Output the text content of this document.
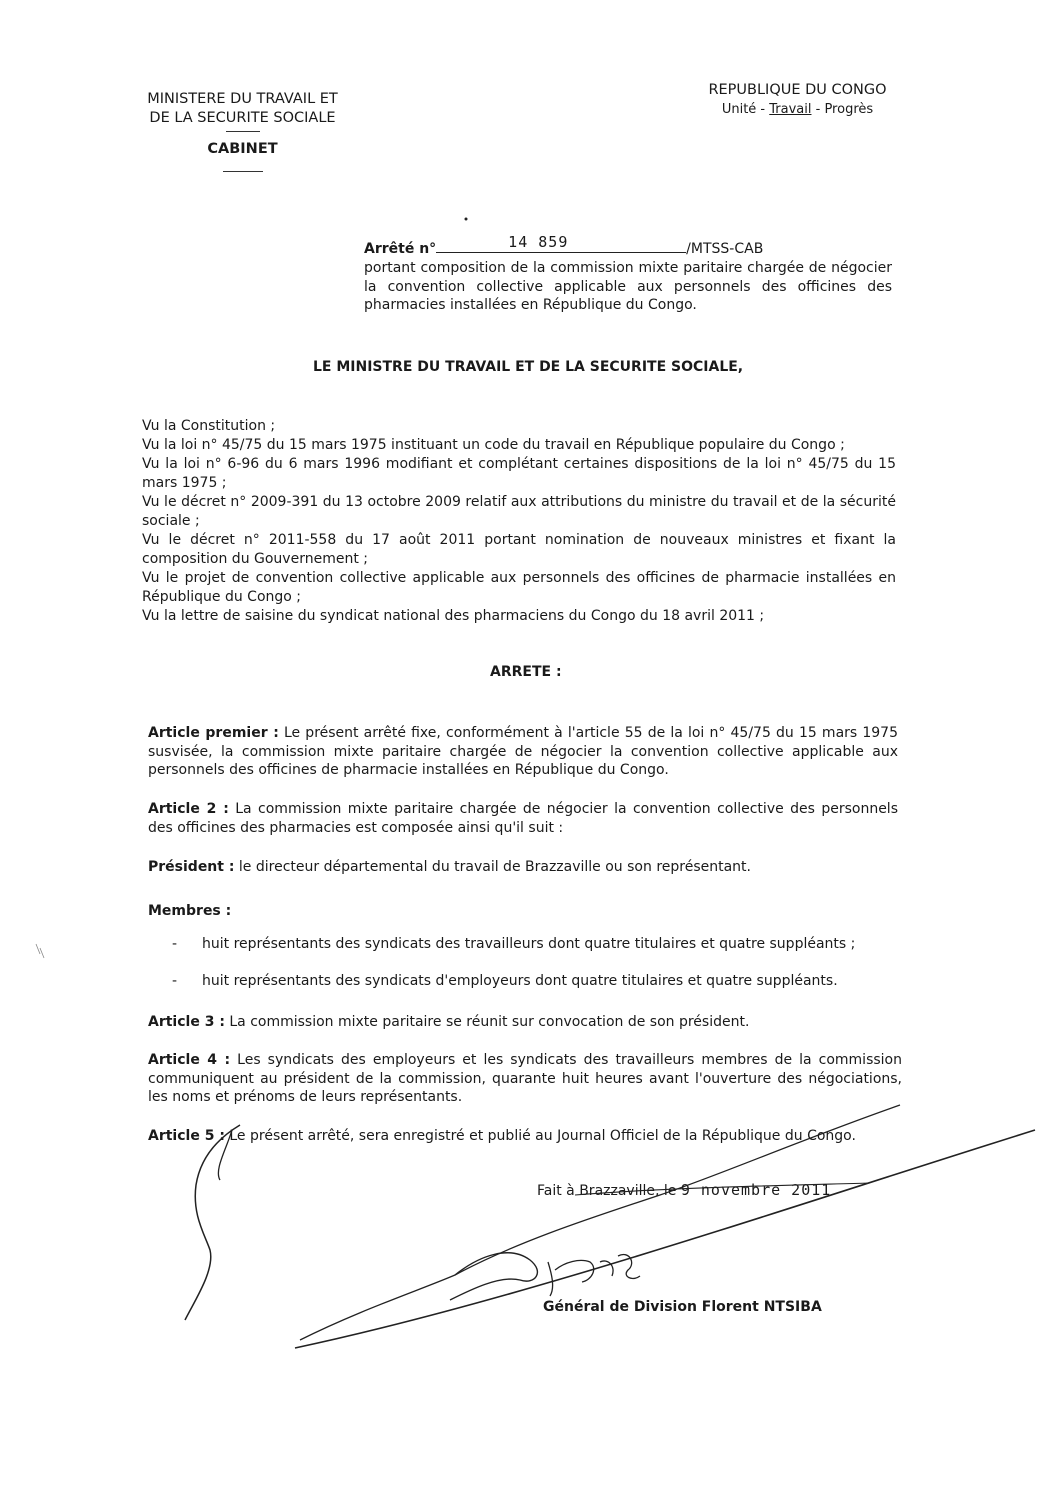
MINISTERE DU TRAVAIL ET
DE LA SECURITE SOCIALE
CABINET
REPUBLIQUE DU CONGO
Unité - Travail - Progrès
Arrêté n°	14 859	/MTSS-CAB
portant composition de la commission mixte paritaire chargée de négocier la convention collective applicable aux personnels des officines des pharmacies installées en République du Congo.
LE MINISTRE DU TRAVAIL ET DE LA SECURITE SOCIALE,
Vu la Constitution ;
Vu la loi n° 45/75 du 15 mars 1975 instituant un code du travail en République populaire du Congo ;
Vu la loi n° 6-96 du 6 mars 1996 modifiant et complétant certaines dispositions de la loi n° 45/75 du 15 mars 1975 ;
Vu le décret n° 2009-391 du 13 octobre 2009 relatif aux attributions du ministre du travail et de la sécurité sociale ;
Vu le décret n° 2011-558 du 17 août 2011 portant nomination de nouveaux ministres et fixant la composition du Gouvernement ;
Vu le projet de convention collective applicable aux personnels des officines de pharmacie installées en République du Congo ;
Vu la lettre de saisine du syndicat national des pharmaciens du Congo du 18 avril 2011 ;
ARRETE :
Article premier : Le présent arrêté fixe, conformément à l'article 55 de la loi n° 45/75 du 15 mars 1975 susvisée, la commission mixte paritaire chargée de négocier la convention collective applicable aux personnels des officines de pharmacie installées en République du Congo.
Article 2 : La commission mixte paritaire chargée de négocier la convention collective des personnels des officines des pharmacies est composée ainsi qu'il suit :
Président : le directeur départemental du travail de Brazzaville ou son représentant.
Membres :
-	huit représentants des syndicats des travailleurs dont quatre titulaires et quatre suppléants ;
-	huit représentants des syndicats d'employeurs dont quatre titulaires et quatre suppléants.
Article 3 : La commission mixte paritaire se réunit sur convocation de son président.
Article 4 : Les syndicats des employeurs et les syndicats des travailleurs membres de la commission communiquent au président de la commission, quarante huit heures avant l'ouverture des négociations, les noms et prénoms de leurs représentants.
Article 5 : Le présent arrêté, sera enregistré et publié au Journal Officiel de la République du Congo.
Fait à Brazzaville, le 9 novembre 2011
Général de Division Florent NTSIBA
